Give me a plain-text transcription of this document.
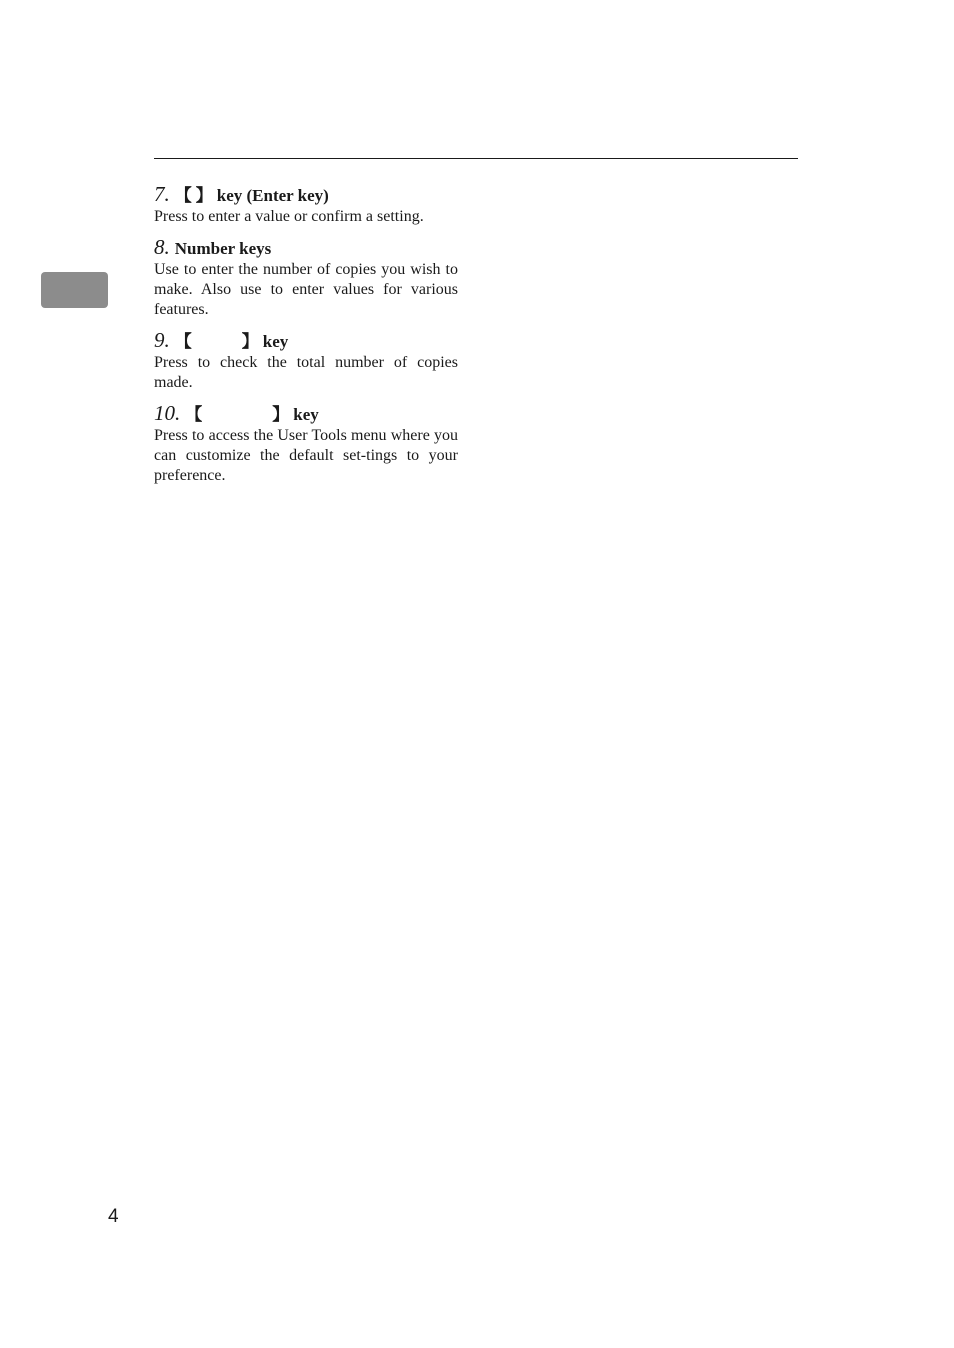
7. 【 】 key (Enter key)

Press to enter a value or confirm a setting.

8. Number keys

Use to enter the number of copies you wish to make. Also use to enter values for various features.

9. 【	】 key

Press to check the total number of copies made.

10. 【	】 key

Press to access the User Tools menu where you can customize the default set-tings to your preference.

4
